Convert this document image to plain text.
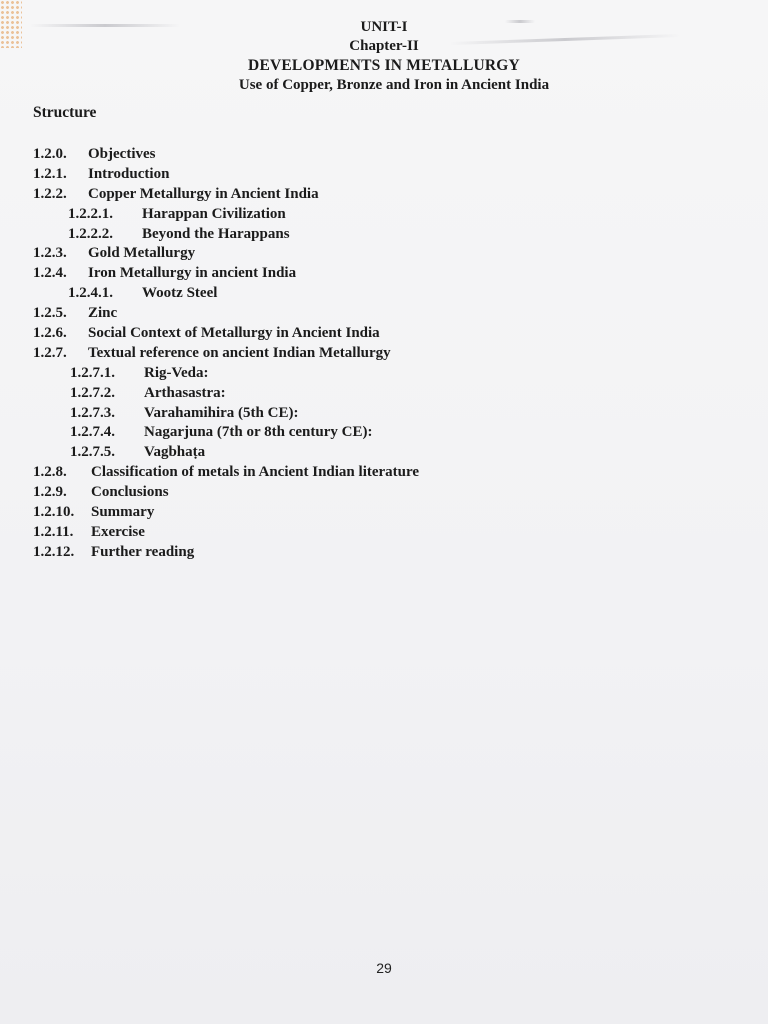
UNIT-I
Chapter-II
DEVELOPMENTS IN METALLURGY
Use of Copper, Bronze and Iron in Ancient India
Structure
1.2.0. Objectives
1.2.1. Introduction
1.2.2. Copper Metallurgy in Ancient India
1.2.2.1. Harappan Civilization
1.2.2.2. Beyond the Harappans
1.2.3. Gold Metallurgy
1.2.4. Iron Metallurgy in ancient India
1.2.4.1. Wootz Steel
1.2.5. Zinc
1.2.6. Social Context of Metallurgy in Ancient India
1.2.7. Textual reference on ancient Indian Metallurgy
1.2.7.1. Rig-Veda:
1.2.7.2. Arthasastra:
1.2.7.3. Varahamihira (5th CE):
1.2.7.4. Nagarjuna (7th or 8th century CE):
1.2.7.5. Vagbhaṭa
1.2.8. Classification of metals in Ancient Indian literature
1.2.9. Conclusions
1.2.10. Summary
1.2.11. Exercise
1.2.12. Further reading
29
